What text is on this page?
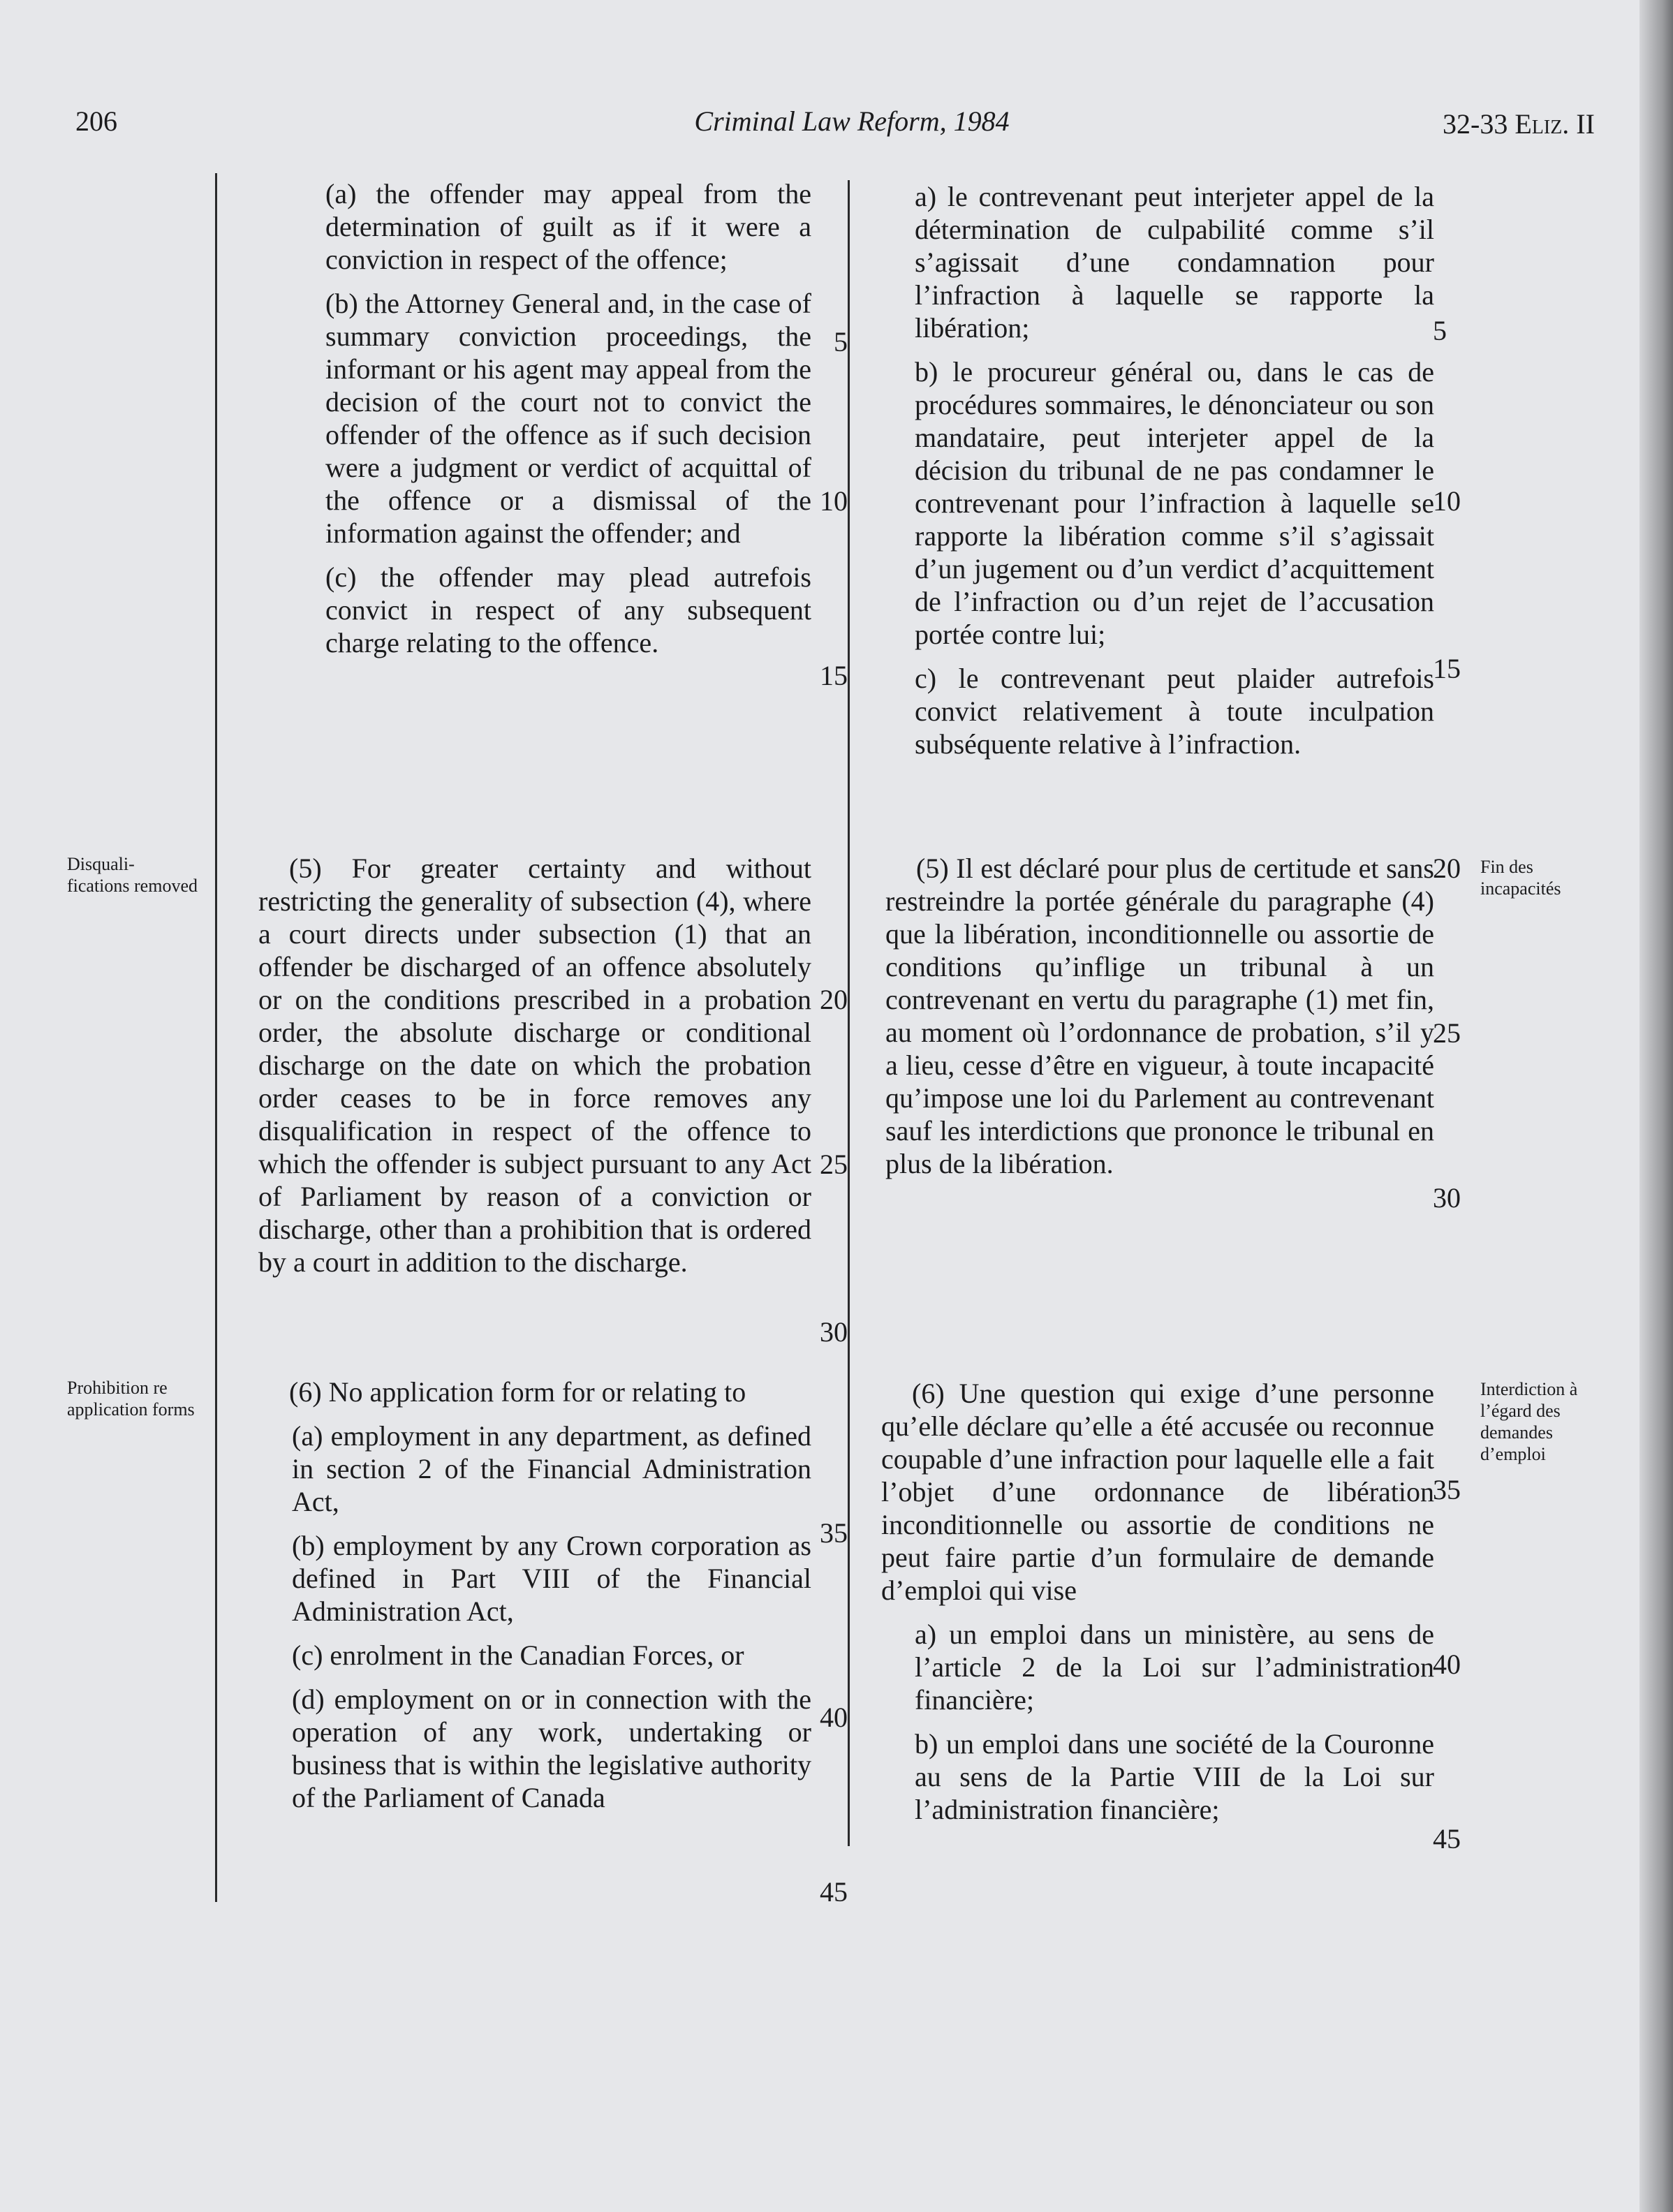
206	Criminal Law Reform, 1984	32-33 Eliz. II

(a) the offender may appeal from the determination of guilt as if it were a conviction in respect of the offence;

(b) the Attorney General and, in the case of summary conviction proceedings, the informant or his agent may appeal from the decision of the court not to convict the offender of the offence as if such decision were a judgment or verdict of acquittal of the offence or a dismissal of the information against the offender; and

(c) the offender may plead autrefois convict in respect of any subsequent charge relating to the offence.

a) le contrevenant peut interjeter appel de la détermination de culpabilité comme s’il s’agissait d’une condamnation pour l’infraction à laquelle se rapporte la libération;

b) le procureur général ou, dans le cas de procédures sommaires, le dénonciateur ou son mandataire, peut interjeter appel de la décision du tribunal de ne pas condamner le contrevenant pour l’infraction à laquelle se rapporte la libération comme s’il s’agissait d’un jugement ou d’un verdict d’acquittement de l’infraction ou d’un rejet de l’accusation portée contre lui;

c) le contrevenant peut plaider autrefois convict relativement à toute inculpation subséquente relative à l’infraction.

(5) For greater certainty and without restricting the generality of subsection (4), where a court directs under subsection (1) that an offender be discharged of an offence absolutely or on the conditions prescribed in a probation order, the absolute discharge or conditional discharge on the date on which the probation order ceases to be in force removes any disqualification in respect of the offence to which the offender is subject pursuant to any Act of Parliament by reason of a conviction or discharge, other than a prohibition that is ordered by a court in addition to the discharge.

(5) Il est déclaré pour plus de certitude et sans restreindre la portée générale du paragraphe (4) que la libération, inconditionnelle ou assortie de conditions qu’inflige un tribunal à un contrevenant en vertu du paragraphe (1) met fin, au moment où l’ordonnance de probation, s’il y a lieu, cesse d’être en vigueur, à toute incapacité qu’impose une loi du Parlement au contrevenant sauf les interdictions que prononce le tribunal en plus de la libération.

(6) No application form for or relating to

(a) employment in any department, as defined in section 2 of the Financial Administration Act,

(b) employment by any Crown corporation as defined in Part VIII of the Financial Administration Act,

(c) enrolment in the Canadian Forces, or

(d) employment on or in connection with the operation of any work, undertaking or business that is within the legislative authority of the Parliament of Canada

(6) Une question qui exige d’une personne qu’elle déclare qu’elle a été accusée ou reconnue coupable d’une infraction pour laquelle elle a fait l’objet d’une ordonnance de libération inconditionnelle ou assortie de conditions ne peut faire partie d’un formulaire de demande d’emploi qui vise

a) un emploi dans un ministère, au sens de l’article 2 de la Loi sur l’administration financière;

b) un emploi dans une société de la Couronne au sens de la Partie VIII de la Loi sur l’administration financière;

5
10
15
20
25
30
35
40
45
5
10
15
20
25
30
35
40
45
Disquali- fications removed
Prohibition re application forms
Fin des incapacités
Interdiction à l’égard des demandes d’emploi
